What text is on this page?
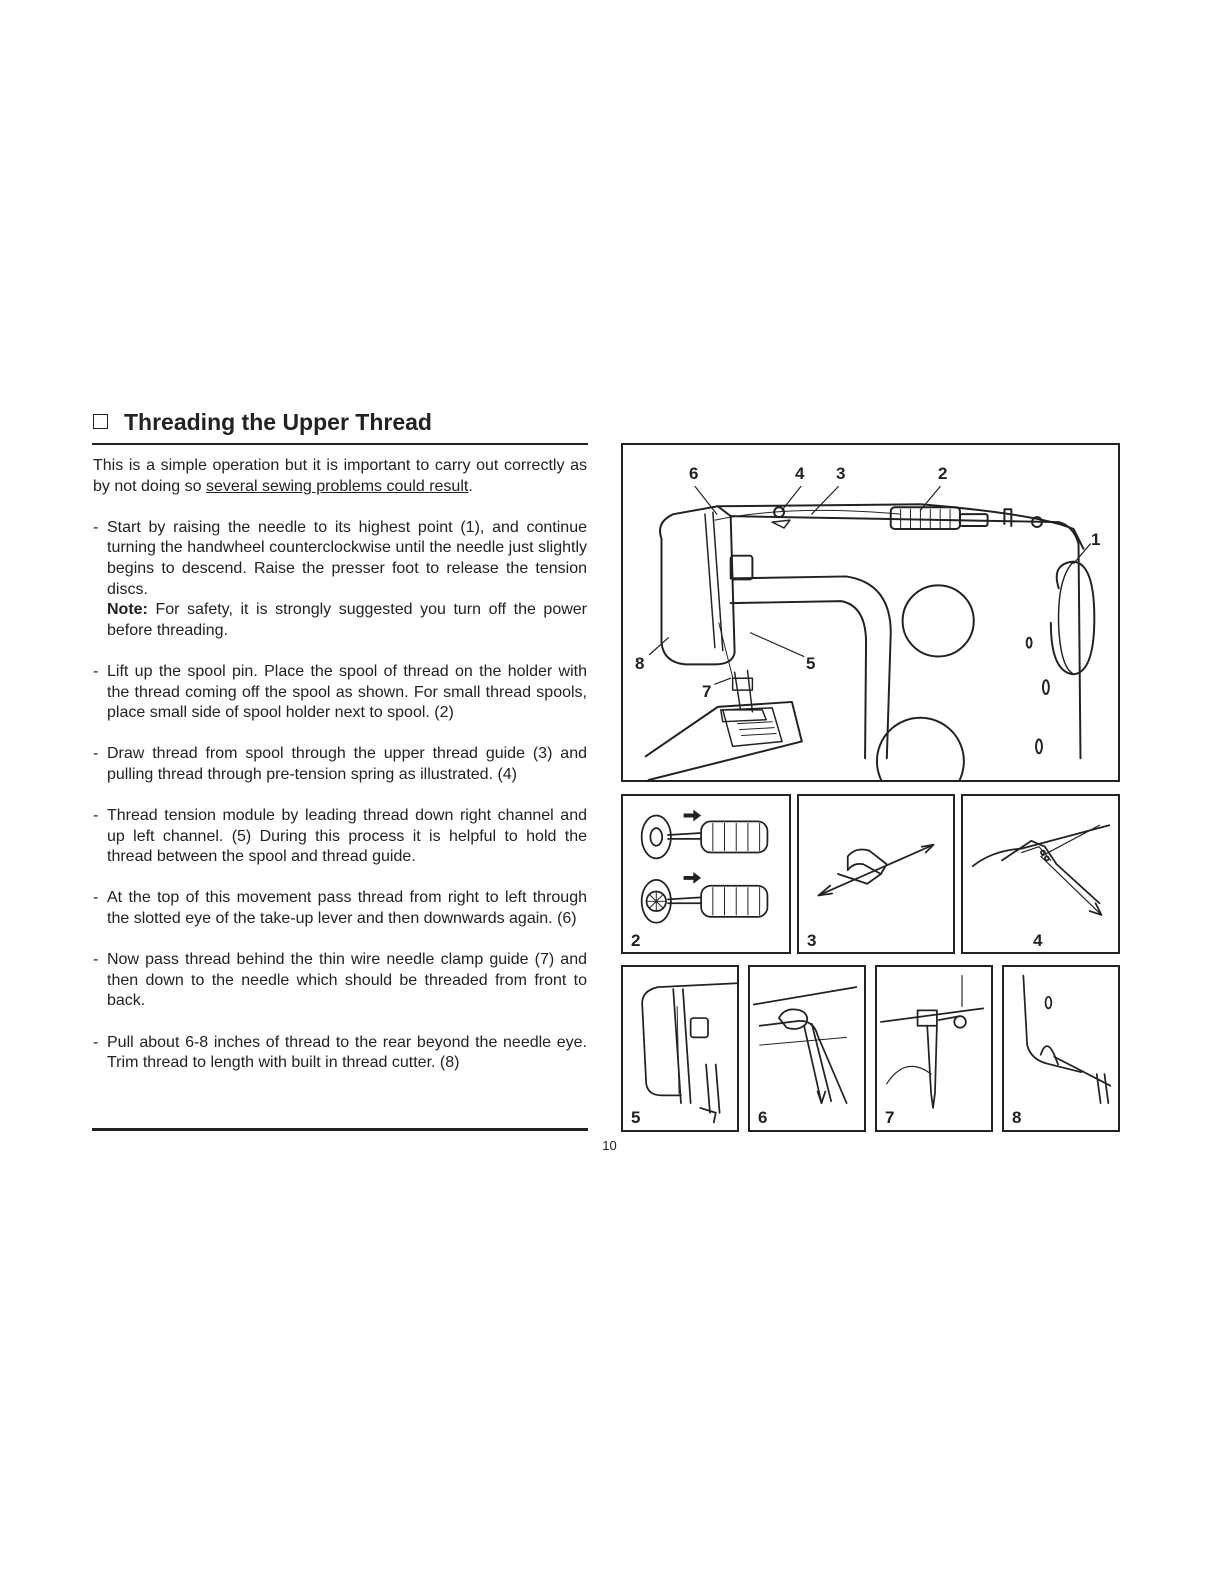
Threading the Upper Thread

This is a simple operation but it is important to carry out correctly as by not doing so several sewing problems could result.

- Start by raising the needle to its highest point (1), and continue turning the handwheel counterclockwise until the needle just slightly begins to descend. Raise the presser foot to release the tension discs.
Note: For safety, it is strongly suggested you turn off the power before threading.
- Lift up the spool pin. Place the spool of thread on the holder with the thread coming off the spool as shown. For small thread spools, place small side of spool holder next to spool. (2)
- Draw thread from spool through the upper thread guide (3) and pulling thread through pre-tension spring as illustrated. (4)
- Thread tension module by leading thread down right channel and up left channel. (5) During this process it is helpful to hold the thread between the spool and thread guide.
- At the top of this movement pass thread from right to left through the slotted eye of the take-up lever and then downwards again. (6)
- Now pass thread behind the thin wire needle clamp guide (7) and then down to the needle which should be threaded from front to back.
- Pull about 6-8 inches of thread to the rear beyond the needle eye. Trim thread to length with built in thread cutter. (8)
6	4 3	2
1
8	5
7
2	3	4
5	6	7	8
10
